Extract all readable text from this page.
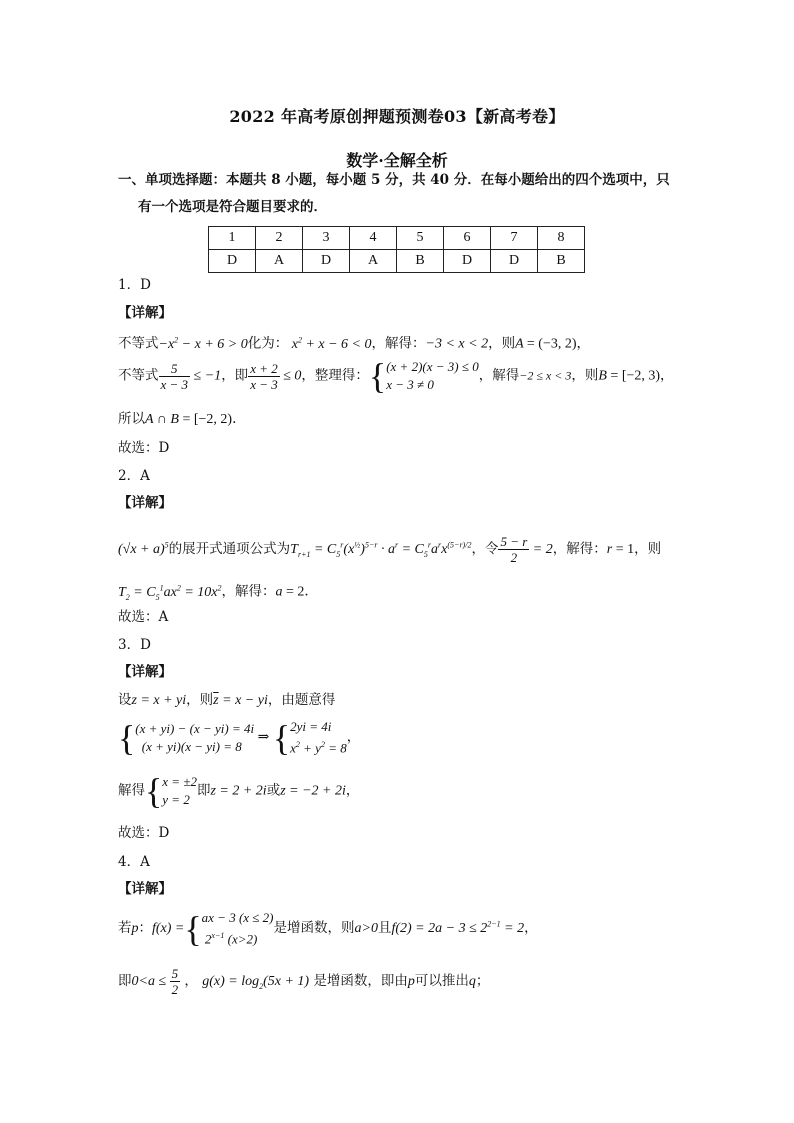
2022 年高考原创押题预测卷03【新高考卷】
数学·全解全析
一、单项选择题：本题共 8 小题，每小题 5 分，共 40 分．在每小题给出的四个选项中，只
有一个选项是符合题目要求的．
1	2	3	4	5	6	7	8
D	A	D	A	B	D	D	B
1．D
【详解】
不等式$-x^2 - x + 6 > 0$化为： $x^2 + x - 6 < 0$，解得：−3 < x < 2，则A = (−3, 2)，
不等式 $\frac{5}{x - 3} \le -1$，即 $\frac{x + 2}{x - 3} \le 0$，整理得：{(x + 2)(x − 3) ≤ 0
x − 3 ≠ 0，解得−2 ≤ x < 3，则B = [−2, 3)，
所以A ∩ B = [−2, 2).
故选：D
2．A
【详解】
$(√x + a)^5$的展开式通项公式为$T_{r+1} = C_5^r(x^{\frac{1}{2}})^{5-r} \cdot a^r = C_5^ra^rx^{(5-r)/2}$，令 $\frac{5 - r}{2} = 2$，解得：r = 1，则
$T_2 = C_5^1ax^2 = 10x^2$，解得：a = 2.
故选：A
3．D
【详解】
设z = x + yi，则$\overline{z} = x$ − yi，由题意得
{(x + yi) − (x − yi) = 4i
(x + yi)(x − yi) = 8 ⇒ {2yi = 4i
$x^2 + y^2 = 8$，
解得{x = ±2
y = 2即z = 2 + 2i或z = −2 + 2i，
故选：D
4．A
【详解】
若p：f(x) ={ax − 3 (x ≤ 2)
$2^{x-1}$ (x>2)是增函数，则a>0且$f(2) = 2a - 3 \le 2^{2-1} = 2$，
即$0<a \le \frac{5}{2}$ ， $g(x) = \log_2(5x + 1)$ 是增函数，即由p可以推出q；
